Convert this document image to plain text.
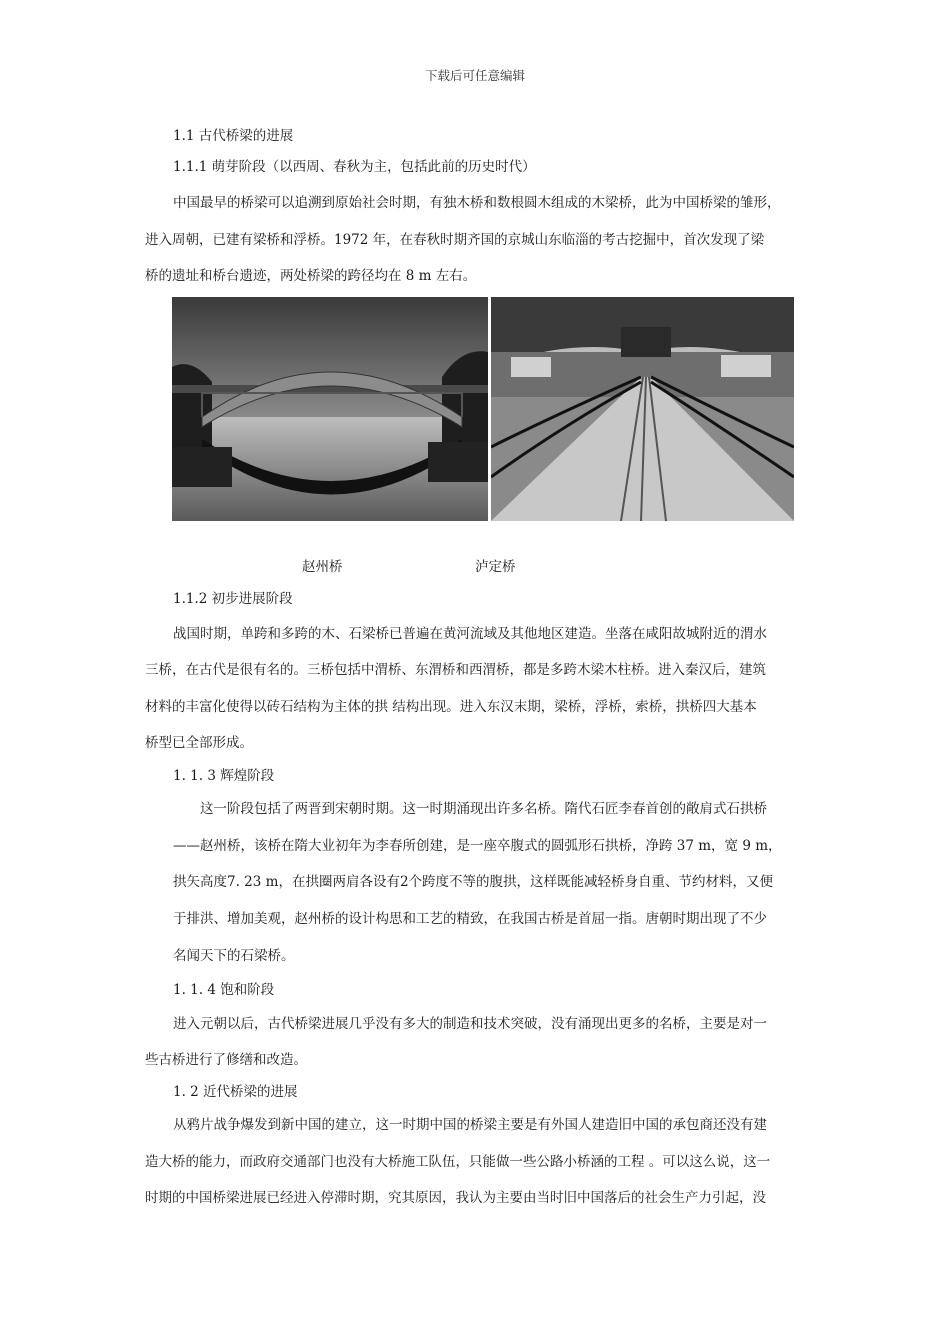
下载后可任意编辑
1.1 古代桥梁的进展
1.1.1 萌芽阶段（以西周、春秋为主，包括此前的历史时代）
中国最早的桥梁可以追溯到原始社会时期，有独木桥和数根圆木组成的木梁桥，此为中国桥梁的雏形，
进入周朝，已建有梁桥和浮桥。1972 年，在春秋时期齐国的京城山东临淄的考古挖掘中，首次发现了梁
桥的遗址和桥台遗迹，两处桥梁的跨径均在 8 m 左右。
赵州桥	泸定桥
1.1.2 初步进展阶段
战国时期，单跨和多跨的木、石梁桥已普遍在黄河流域及其他地区建造。坐落在咸阳故城附近的渭水
三桥，在古代是很有名的。三桥包括中渭桥、东渭桥和西渭桥，都是多跨木梁木柱桥。进入秦汉后，建筑
材料的丰富化使得以砖石结构为主体的拱 结构出现。进入东汉末期，梁桥，浮桥，索桥，拱桥四大基本
桥型已全部形成。
1. 1. 3 辉煌阶段
这一阶段包括了两晋到宋朝时期。这一时期涌现出许多名桥。隋代石匠李春首创的敞肩式石拱桥
——赵州桥，该桥在隋大业初年为李春所创建，是一座卒腹式的圆弧形石拱桥，净跨 37 m，宽 9 m，
拱矢高度7. 23 m，在拱圈两肩各设有2个跨度不等的腹拱，这样既能减轻桥身自重、节约材料，又便
于排洪、增加美观，赵州桥的设计构思和工艺的精致，在我国古桥是首屈一指。唐朝时期出现了不少
名闻天下的石梁桥。
1. 1. 4 饱和阶段
进入元朝以后，古代桥梁进展几乎没有多大的制造和技术突破，没有涌现出更多的名桥，主要是对一
些古桥进行了修缮和改造。
1. 2 近代桥梁的进展
从鸦片战争爆发到新中国的建立，这一时期中国的桥梁主要是有外国人建造旧中国的承包商还没有建
造大桥的能力，而政府交通部门也没有大桥施工队伍，只能做一些公路小桥涵的工程 。可以这么说，这一
时期的中国桥梁进展已经进入停滞时期，究其原因，我认为主要由当时旧中国落后的社会生产力引起，没
